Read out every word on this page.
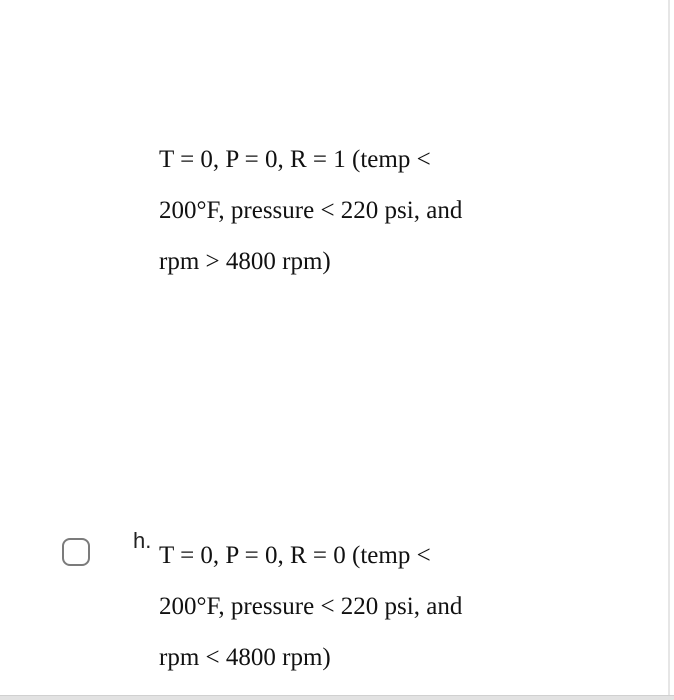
T = 0, P = 0, R = 1 (temp <
200°F, pressure < 220 psi, and
rpm > 4800 rpm)
h.
T = 0, P = 0, R = 0 (temp <
200°F, pressure < 220 psi, and
rpm < 4800 rpm)
